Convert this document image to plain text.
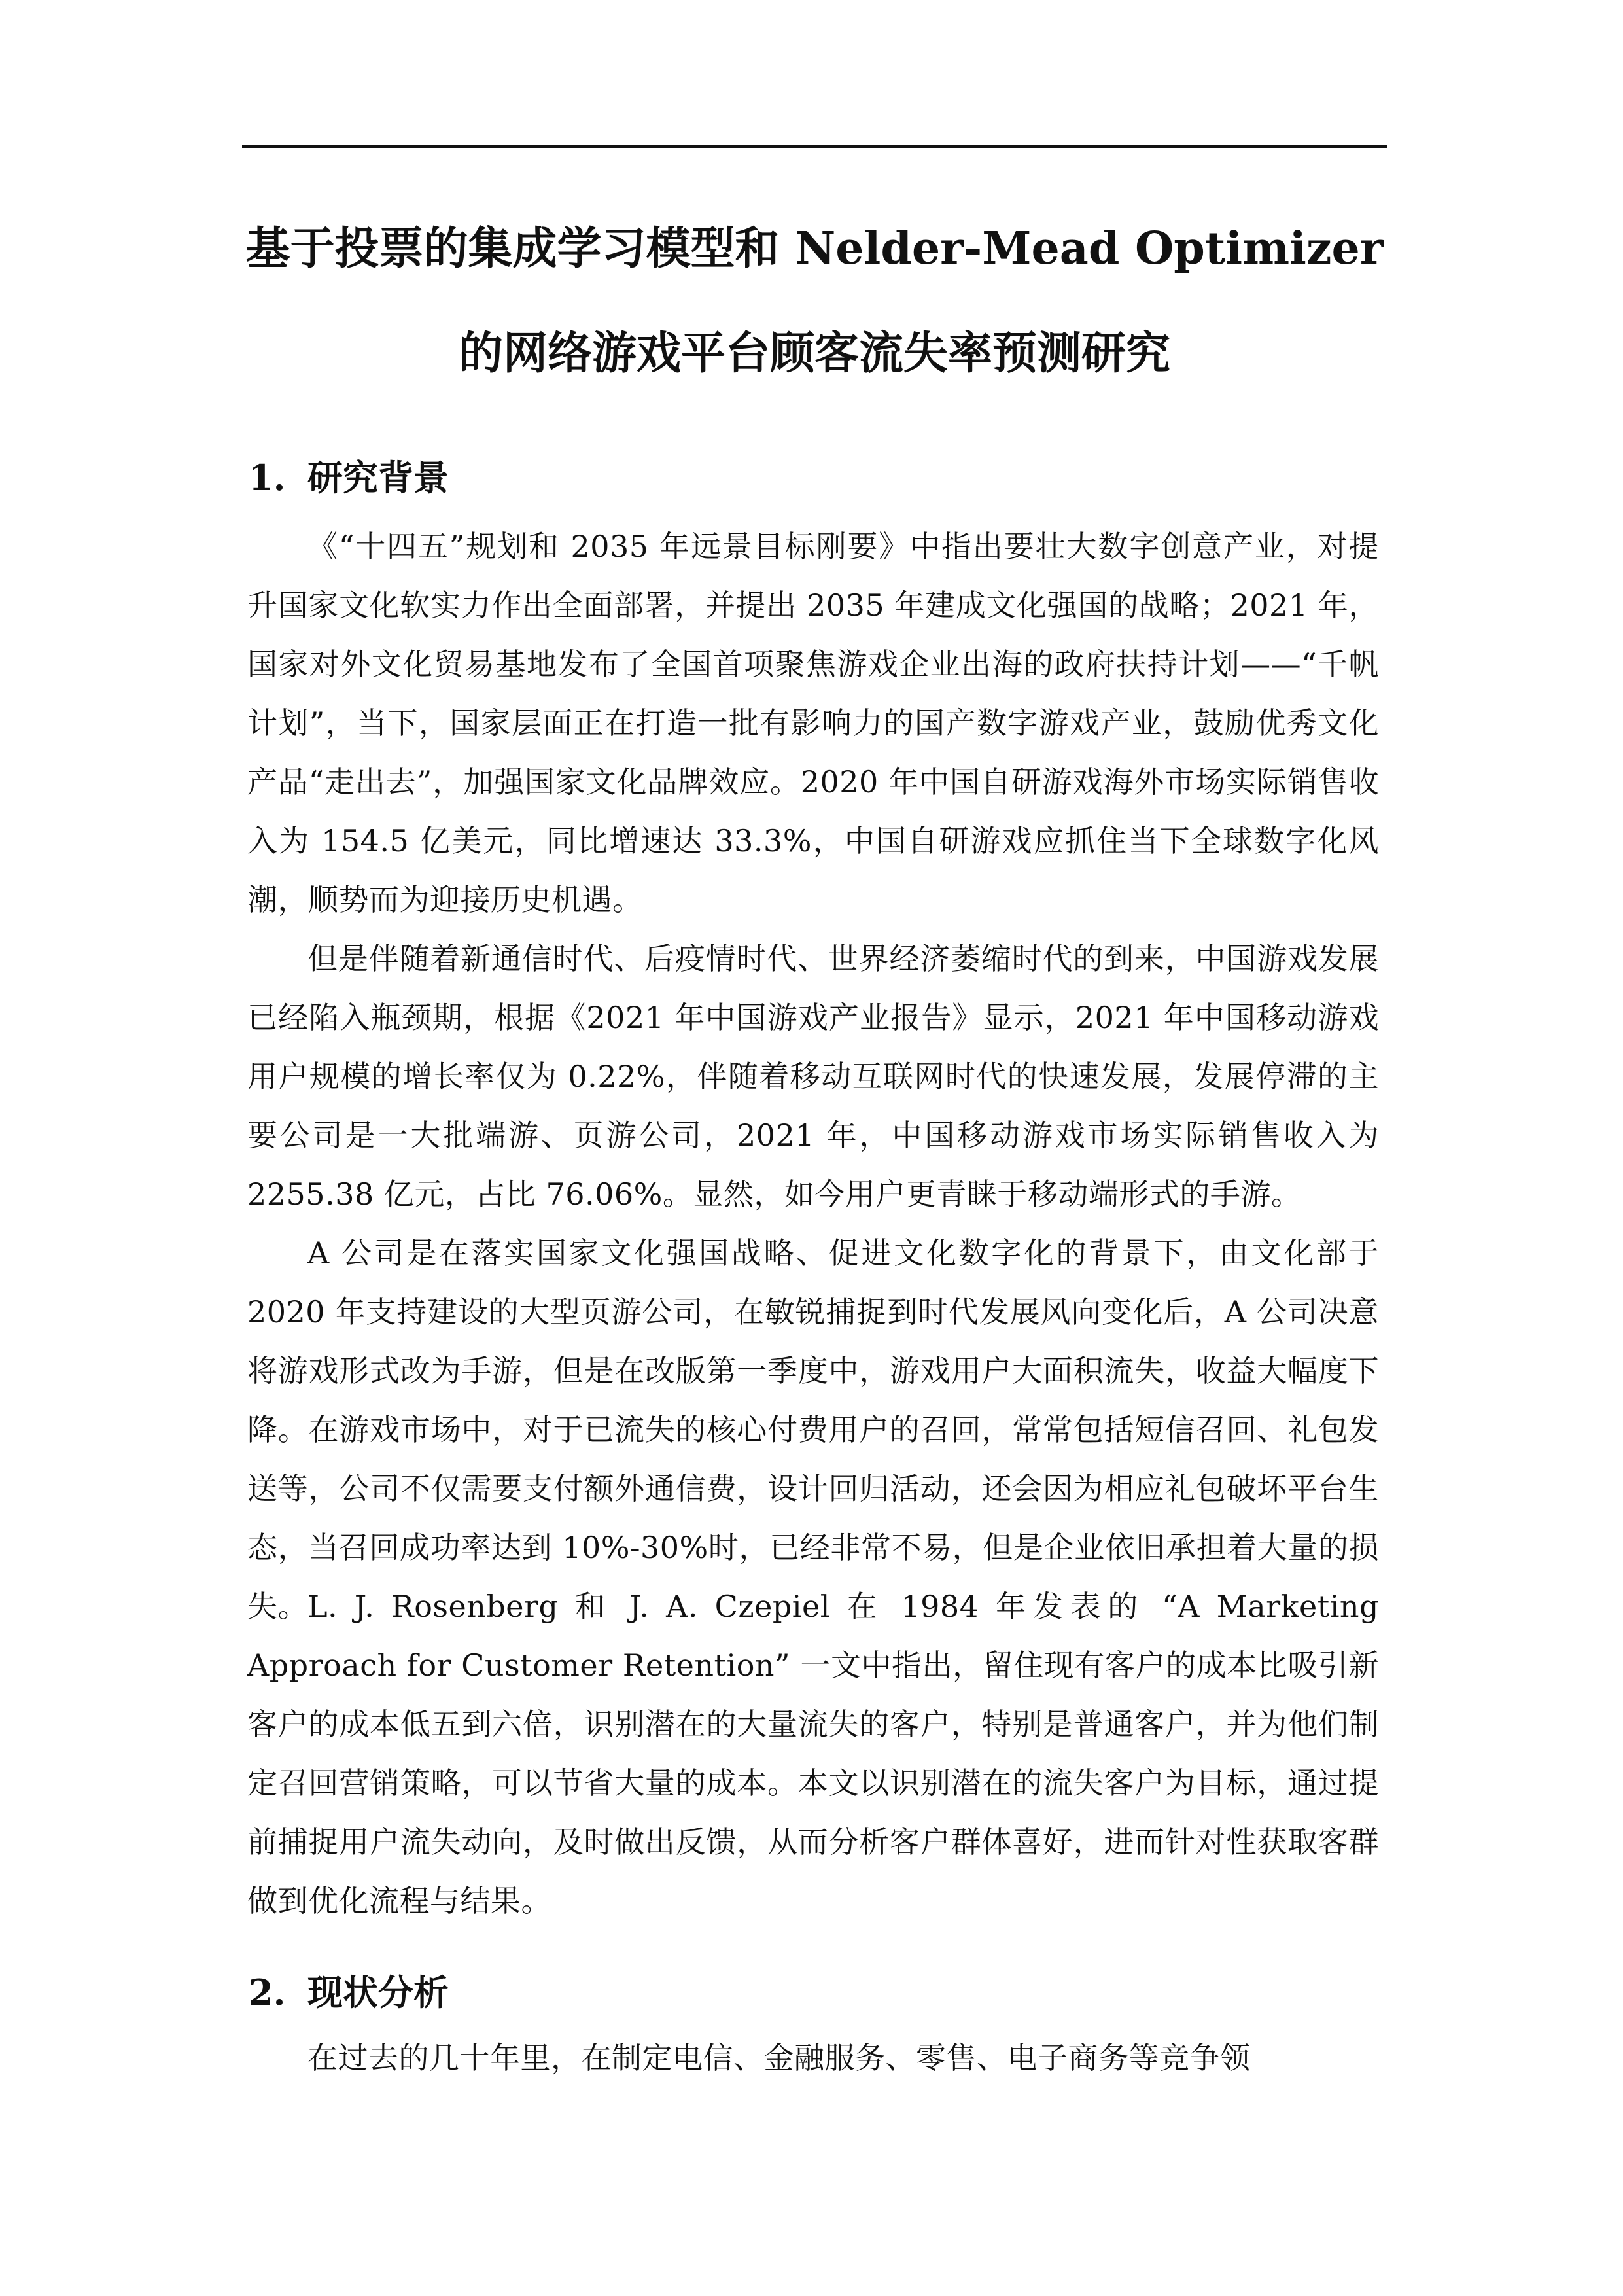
基于投票的集成学习模型和 Nelder-Mead Optimizer 的网络游戏平台顾客流失率预测研究
1. 研究背景

《“十四五”规划和 2035 年远景目标刚要》中指出要壮大数字创意产业，对提升国家文化软实力作出全面部署，并提出 2035 年建成文化强国的战略；2021 年，国家对外文化贸易基地发布了全国首项聚焦游戏企业出海的政府扶持计划——“千帆计划”，当下，国家层面正在打造一批有影响力的国产数字游戏产业，鼓励优秀文化产品“走出去”，加强国家文化品牌效应。2020 年中国自研游戏海外市场实际销售收入为 154.5 亿美元，同比增速达 33.3%，中国自研游戏应抓住当下全球数字化风潮，顺势而为迎接历史机遇。

但是伴随着新通信时代、后疫情时代、世界经济萎缩时代的到来，中国游戏发展已经陷入瓶颈期，根据《2021 年中国游戏产业报告》显示，2021 年中国移动游戏用户规模的增长率仅为 0.22%，伴随着移动互联网时代的快速发展，发展停滞的主要公司是一大批端游、页游公司，2021 年，中国移动游戏市场实际销售收入为 2255.38 亿元，占比 76.06%。显然，如今用户更青睐于移动端形式的手游。

A 公司是在落实国家文化强国战略、促进文化数字化的背景下，由文化部于 2020 年支持建设的大型页游公司，在敏锐捕捉到时代发展风向变化后，A 公司决意将游戏形式改为手游，但是在改版第一季度中，游戏用户大面积流失，收益大幅度下降。在游戏市场中，对于已流失的核心付费用户的召回，常常包括短信召回、礼包发送等，公司不仅需要支付额外通信费，设计回归活动，还会因为相应礼包破坏平台生态，当召回成功率达到 10%-30%时，已经非常不易，但是企业依旧承担着大量的损失。 L. J. Rosenberg 和 J. A. Czepiel 在 1984 年发表的 “A Marketing Approach for Customer Retention” 一文中指出，留住现有客户的成本比吸引新客户的成本低五到六倍，识别潜在的大量流失的客户，特别是普通客户，并为他们制定召回营销策略，可以节省大量的成本。本文以识别潜在的流失客户为目标，通过提前捕捉用户流失动向，及时做出反馈，从而分析客户群体喜好，进而针对性获取客群做到优化流程与结果。

2. 现状分析

在过去的几十年里，在制定电信、金融服务、零售、电子商务等竞争领
